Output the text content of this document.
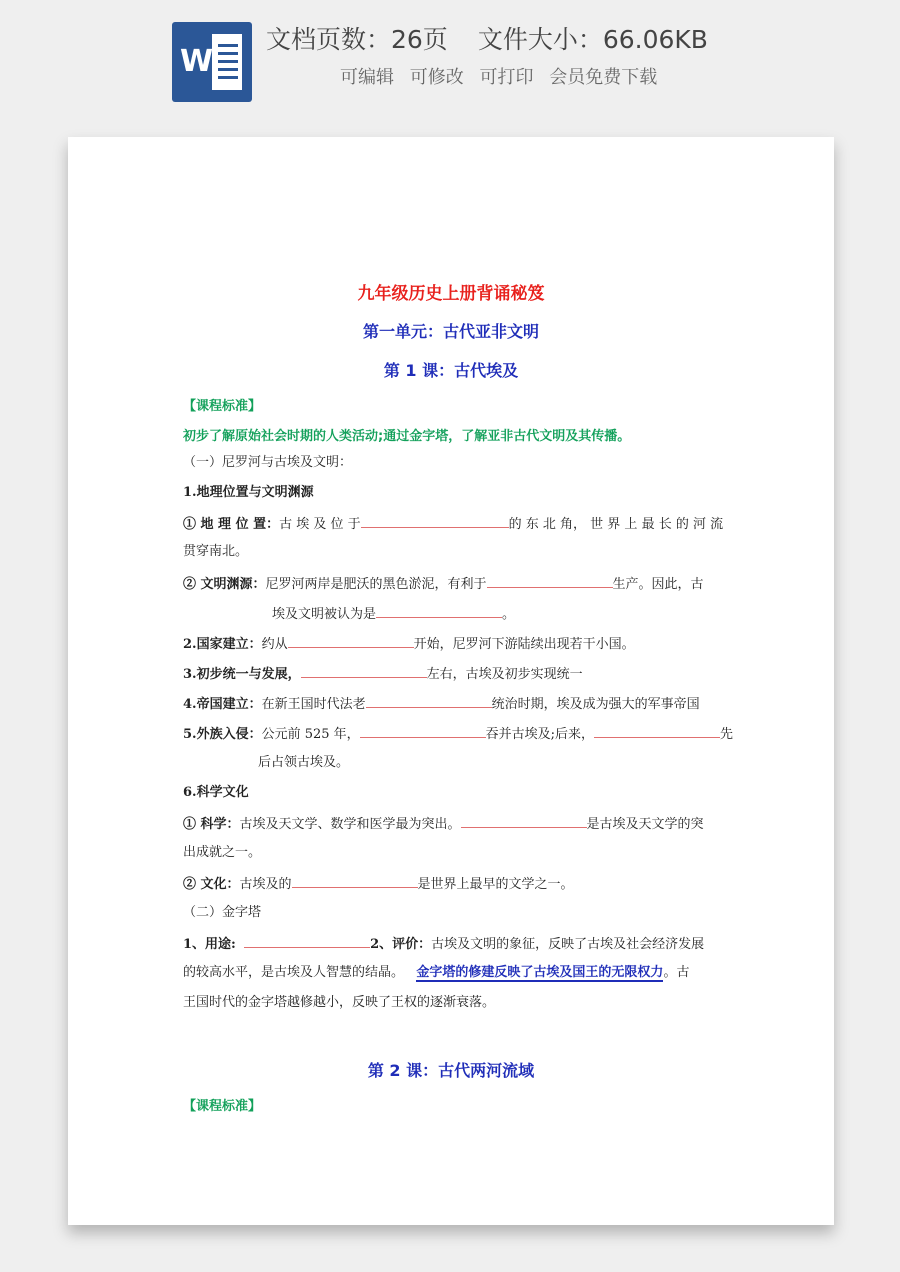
W
文档页数：26页 文件大小：66.06KB
可编辑 可修改 可打印 会员免费下载
九年级历史上册背诵秘笈
第一单元：古代亚非文明
第 1 课：古代埃及
【课程标准】
初步了解原始社会时期的人类活动;通过金字塔，了解亚非古代文明及其传播。
（一）尼罗河与古埃及文明：
1.地理位置与文明渊源
① 地 理 位 置：古 埃 及 位 于	的 东 北 角， 世 界 上 最 长 的 河 流
贯穿南北。
② 文明渊源：尼罗河两岸是肥沃的黑色淤泥，有利于	生产。因此，古
埃及文明被认为是	。
2.国家建立：约从	开始，尼罗河下游陆续出现若干小国。
3.初步统一与发展，	左右，古埃及初步实现统一
4.帝国建立：在新王国时代法老	统治时期，埃及成为强大的军事帝国
5.外族入侵：公元前 525 年，	吞并古埃及;后来，	先
后占领古埃及。
6.科学文化
① 科学：古埃及天文学、数学和医学最为突出。	是古埃及天文学的突
出成就之一。
② 文化：古埃及的	是世界上最早的文学之一。
（二）金字塔
1、用途:	2、评价：古埃及文明的象征，反映了古埃及社会经济发展
的较高水平，是古埃及人智慧的结晶。 金字塔的修建反映了古埃及国王的无限权力。古
王国时代的金字塔越修越小，反映了王权的逐渐衰落。
第 2 课：古代两河流域
【课程标准】
